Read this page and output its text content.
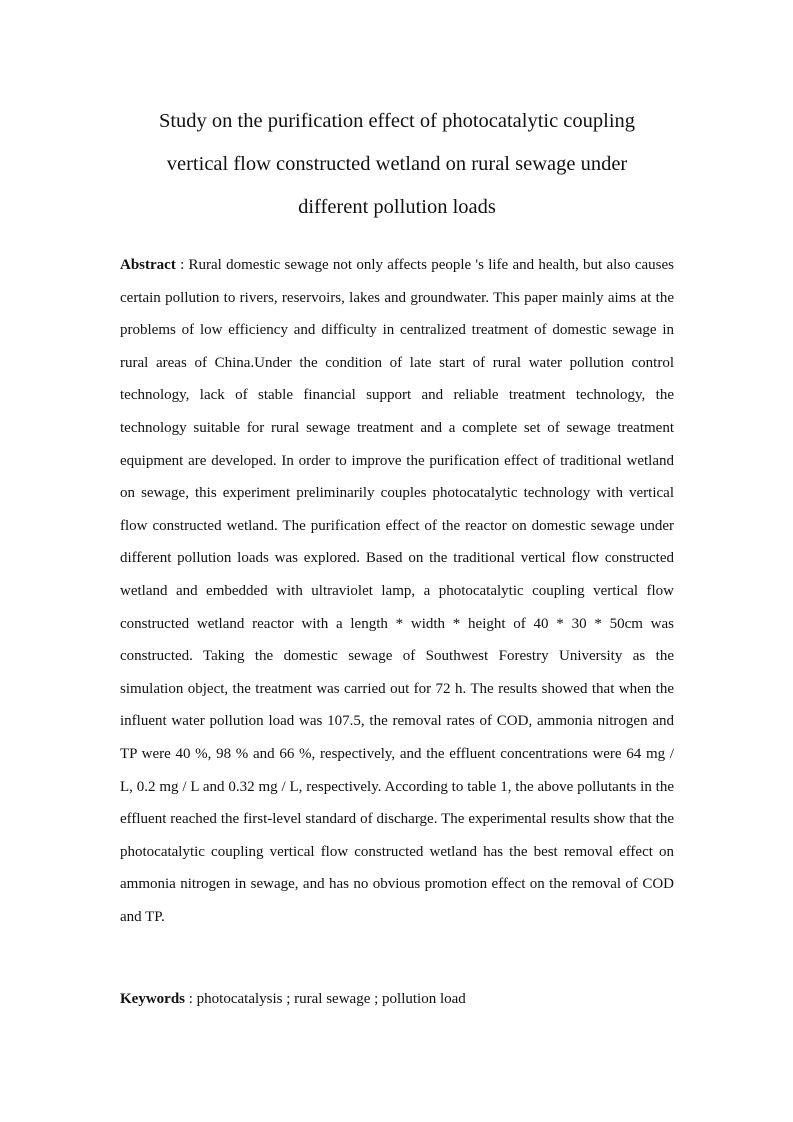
Study on the purification effect of photocatalytic coupling
vertical flow constructed wetland on rural sewage under
different pollution loads

Abstract : Rural domestic sewage not only affects people 's life and health, but also causes certain pollution to rivers, reservoirs, lakes and groundwater. This paper mainly aims at the problems of low efficiency and difficulty in centralized treatment of domestic sewage in rural areas of China.Under the condition of late start of rural water pollution control technology, lack of stable financial support and reliable treatment technology, the technology suitable for rural sewage treatment and a complete set of sewage treatment equipment are developed. In order to improve the purification effect of traditional wetland on sewage, this experiment preliminarily couples photocatalytic technology with vertical flow constructed wetland. The purification effect of the reactor on domestic sewage under different pollution loads was explored. Based on the traditional vertical flow constructed wetland and embedded with ultraviolet lamp, a photocatalytic coupling vertical flow constructed wetland reactor with a length * width * height of 40 * 30 * 50cm was constructed. Taking the domestic sewage of Southwest Forestry University as the simulation object, the treatment was carried out for 72 h. The results showed that when the influent water pollution load was 107.5, the removal rates of COD, ammonia nitrogen and TP were 40 %, 98 % and 66 %, respectively, and the effluent concentrations were 64 mg / L, 0.2 mg / L and 0.32 mg / L, respectively. According to table 1, the above pollutants in the effluent reached the first-level standard of discharge. The experimental results show that the photocatalytic coupling vertical flow constructed wetland has the best removal effect on ammonia nitrogen in sewage, and has no obvious promotion effect on the removal of COD and TP.

Keywords : photocatalysis ; rural sewage ; pollution load
